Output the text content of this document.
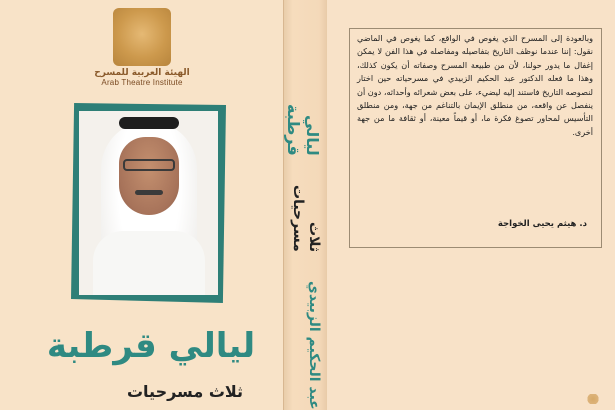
الهيئة العربية للمسرح
Arab Theatre Institute
ليالي قرطبة
ثلاث مسرحيات
ليالي قرطبة
ثلاث مسرحيات
عبد الحكيم الزبيدي
وبالعودة إلى المسرح الذي يغوص في الواقع، كما يغوص في الماضي نقول: إننا عندما نوظف التاريخ بتفاصيله ومفاصله في هذا الفن لا يمكن إغفال ما يدور حولنا، لأن من طبيعة المسرح وصفاته أن يكون كذلك، وهذا ما فعله الدكتور عبد الحكيم الزبيدي في مسرحياته حين اختار لنصوصه التاريخ فاستند إليه ليضيء، على بعض شعرائه وأحداثه، دون أن ينفصل عن واقعه، من منطلق الإيمان بالتناغم من جهة، ومن منطلق التأسيس لمحاور تصوغ فكرة ما، أو قيماً معينة، أو ثقافة ما من جهة أخرى.
د. هيثم يحيى الخواجة
